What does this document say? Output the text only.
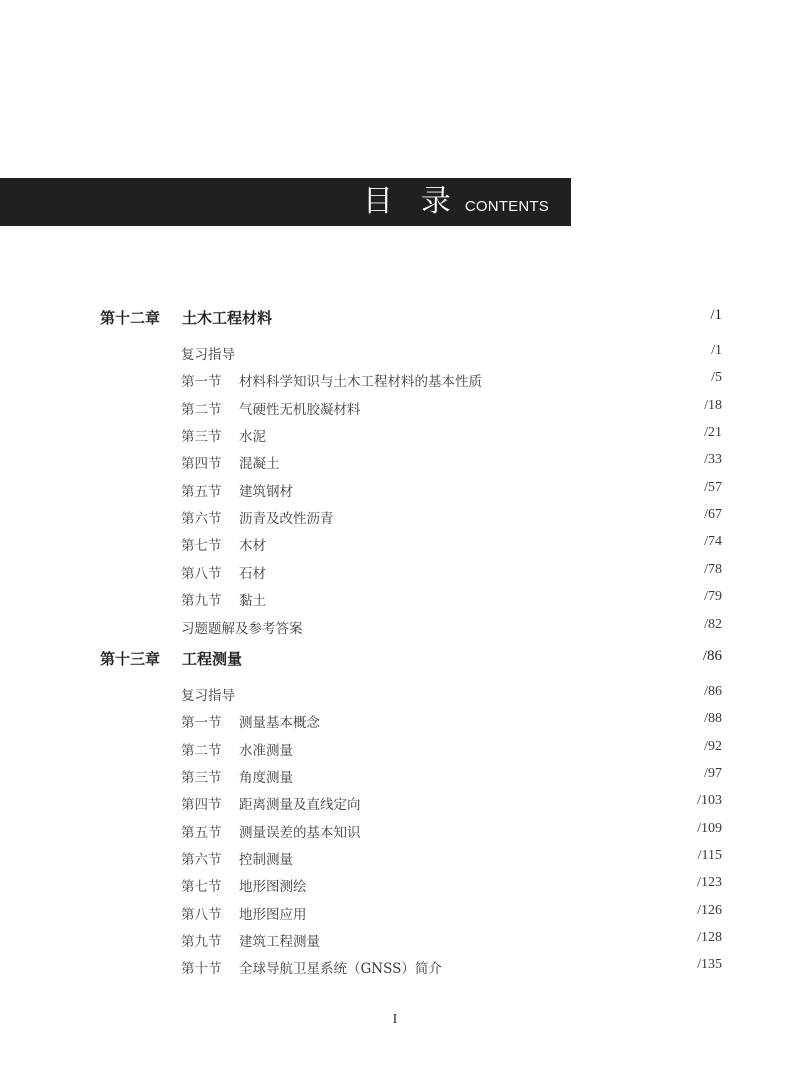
目录
CONTENTS
第十二章 土木工程材料	/1
复习指导	/1
第一节 材料科学知识与土木工程材料的基本性质	/5
第二节 气硬性无机胶凝材料	/18
第三节 水泥	/21
第四节 混凝土	/33
第五节 建筑钢材	/57
第六节 沥青及改性沥青	/67
第七节 木材	/74
第八节 石材	/78
第九节 黏土	/79
习题题解及参考答案	/82
第十三章 工程测量	/86
复习指导	/86
第一节 测量基本概念	/88
第二节 水准测量	/92
第三节 角度测量	/97
第四节 距离测量及直线定向	/103
第五节 测量误差的基本知识	/109
第六节 控制测量	/115
第七节 地形图测绘	/123
第八节 地形图应用	/126
第九节 建筑工程测量	/128
第十节 全球导航卫星系统（GNSS）简介	/135
I
